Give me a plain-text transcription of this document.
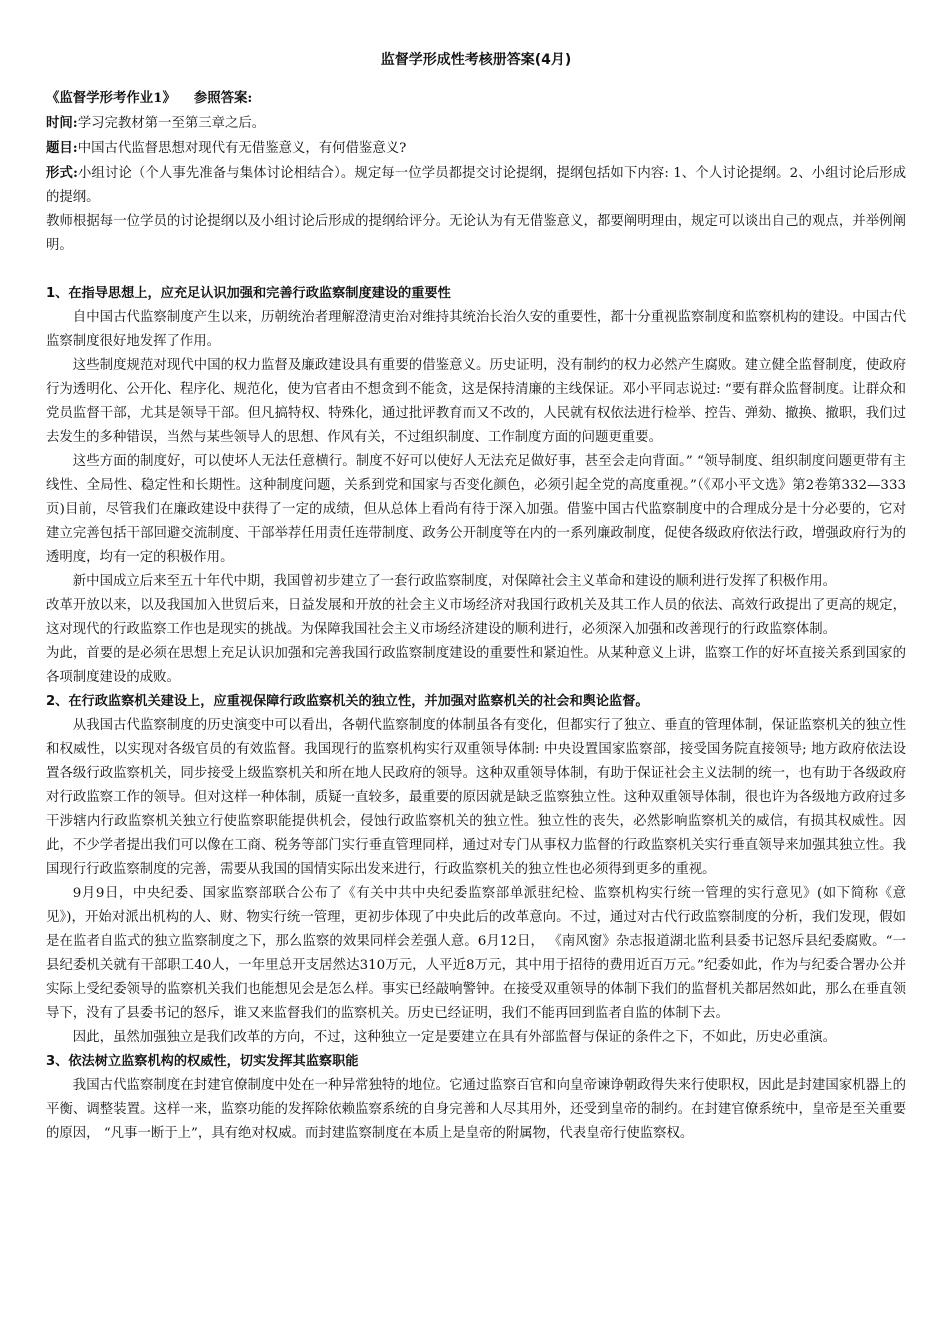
监督学形成性考核册答案(4月)

《监督学形考作业1》 参照答案:

时间:学习完教材第一至第三章之后。

题目:中国古代监督思想对现代有无借鉴意义，有何借鉴意义?

形式:小组讨论（个人事先准备与集体讨论相结合）。规定每一位学员都提交讨论提纲，提纲包括如下内容: 1、个人讨论提纲。2、小组讨论后形成的提纲。

教师根据每一位学员的讨论提纲以及小组讨论后形成的提纲给评分。无论认为有无借鉴意义，都要阐明理由，规定可以谈出自己的观点，并举例阐明。

1、在指导思想上，应充足认识加强和完善行政监察制度建设的重要性

自中国古代监察制度产生以来，历朝统治者理解澄清吏治对维持其统治长治久安的重要性，都十分重视监察制度和监察机构的建设。中国古代监察制度很好地发挥了作用。

这些制度规范对现代中国的权力监督及廉政建设具有重要的借鉴意义。历史证明，没有制约的权力必然产生腐败。建立健全监督制度，使政府行为透明化、公开化、程序化、规范化，使为官者由不想贪到不能贪，这是保持清廉的主线保证。邓小平同志说过: “要有群众监督制度。让群众和党员监督干部，尤其是领导干部。但凡搞特权、特殊化，通过批评教育而又不改的，人民就有权依法进行检举、控告、弹劾、撤换、撤职，我们过去发生的多种错误，当然与某些领导人的思想、作风有关，不过组织制度、工作制度方面的问题更重要。

这些方面的制度好，可以使坏人无法任意横行。制度不好可以使好人无法充足做好事，甚至会走向背面。” “领导制度、组织制度问题更带有主线性、全局性、稳定性和长期性。这种制度问题，关系到党和国家与否变化颜色，必须引起全党的高度重视。”（《邓小平文选》第2卷第332—333页)目前，尽管我们在廉政建设中获得了一定的成绩，但从总体上看尚有待于深入加强。借鉴中国古代监察制度中的合理成分是十分必要的，它对建立完善包括干部回避交流制度、干部举荐任用责任连带制度、政务公开制度等在内的一系列廉政制度，促使各级政府依法行政，增强政府行为的透明度，均有一定的积极作用。

新中国成立后来至五十年代中期，我国曾初步建立了一套行政监察制度，对保障社会主义革命和建设的顺利进行发挥了积极作用。

改革开放以来，以及我国加入世贸后来，日益发展和开放的社会主义市场经济对我国行政机关及其工作人员的依法、高效行政提出了更高的规定，这对现代的行政监察工作也是现实的挑战。为保障我国社会主义市场经济建设的顺利进行，必须深入加强和改善现行的行政监察体制。

为此，首要的是必须在思想上充足认识加强和完善我国行政监察制度建设的重要性和紧迫性。从某种意义上讲，监察工作的好坏直接关系到国家的各项制度建设的成败。

2、在行政监察机关建设上，应重视保障行政监察机关的独立性，并加强对监察机关的社会和舆论监督。

从我国古代监察制度的历史演变中可以看出，各朝代监察制度的体制虽各有变化，但都实行了独立、垂直的管理体制，保证监察机关的独立性和权威性，以实现对各级官员的有效监督。我国现行的监察机构实行双重领导体制: 中央设置国家监察部，接受国务院直接领导; 地方政府依法设置各级行政监察机关，同步接受上级监察机关和所在地人民政府的领导。这种双重领导体制，有助于保证社会主义法制的统一，也有助于各级政府对行政监察工作的领导。但对这样一种体制，质疑一直较多，最重要的原因就是缺乏监察独立性。这种双重领导体制，很也许为各级地方政府过多干涉辖内行政监察机关独立行使监察职能提供机会，侵蚀行政监察机关的独立性。独立性的丧失，必然影响监察机关的威信，有损其权威性。因此，不少学者提出我们可以像在工商、税务等部门实行垂直管理同样，通过对专门从事权力监督的行政监察机关实行垂直领导来加强其独立性。我国现行行政监察制度的完善，需要从我国的国情实际出发来进行，行政监察机关的独立性也必须得到更多的重视。

9月9日，中央纪委、国家监察部联合公布了《有关中共中央纪委监察部单派驻纪检、监察机构实行统一管理的实行意见》(如下简称《意见》)，开始对派出机构的人、财、物实行统一管理，更初步体现了中央此后的改革意向。不过，通过对古代行政监察制度的分析，我们发现，假如是在监者自监式的独立监察制度之下，那么监察的效果同样会差强人意。6月12日， 《南风窗》杂志报道湖北监利县委书记怒斥县纪委腐败。“一县纪委机关就有干部职工40人，一年里总开支居然达310万元，人平近8万元，其中用于招待的费用近百万元。”纪委如此，作为与纪委合署办公并实际上受纪委领导的监察机关我们也能想见会是怎么样。事实已经敲响警钟。在接受双重领导的体制下我们的监督机关都居然如此，那么在垂直领导下，没有了县委书记的怒斥，谁又来监督我们的监察机关。历史已经证明，我们不能再回到监者自监的体制下去。

因此，虽然加强独立是我们改革的方向，不过，这种独立一定是要建立在具有外部监督与保证的条件之下，不如此，历史必重演。

3、依法树立监察机构的权威性，切实发挥其监察职能

我国古代监察制度在封建官僚制度中处在一种异常独特的地位。它通过监察百官和向皇帝谏诤朝政得失来行使职权，因此是封建国家机器上的平衡、调整装置。这样一来，监察功能的发挥除依赖监察系统的自身完善和人尽其用外，还受到皇帝的制约。在封建官僚系统中，皇帝是至关重要的原因， “凡事一断于上”，具有绝对权威。而封建监察制度在本质上是皇帝的附属物，代表皇帝行使监察权。
